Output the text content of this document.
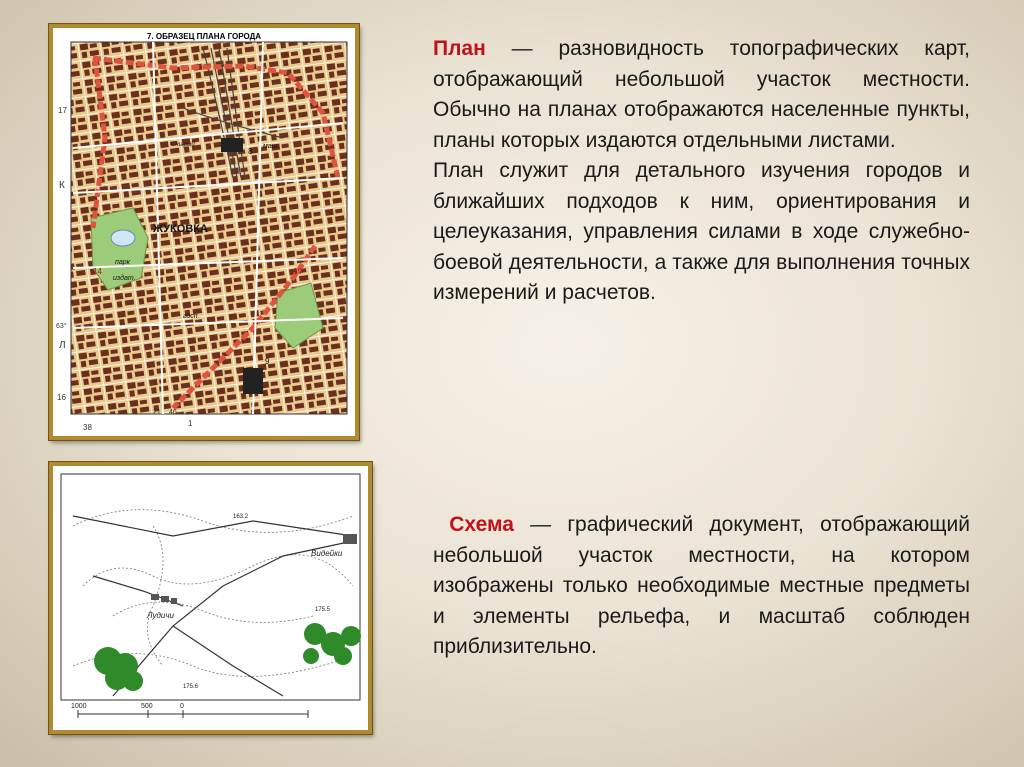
7. ОБРАЗЕЦ ПЛАНА ГОРОДА
ЖУКОВКА
парк
издат.
маш.
Старый
госп.
14
8
10
9
17
К
63°
Л
16
38
21 46
1

План — разновидность топографических карт, отображающий небольшой участок местности. Обычно на планах отображаются населенные пункты, планы которых издаются отдельными листами.

План служит для детального изучения городов и ближайших подходов к ним, ориентирования и целеуказания, управления силами в ходе служебно-боевой деятельности, а также для выполнения точных измерений и расчетов.

Видейки
Лудичи
163.2
175.5
175.6
1000	500	0

Схема — графический документ, отображающий небольшой участок местности, на котором изображены только необходимые местные предметы и элементы рельефа, и масштаб соблюден приблизительно.
